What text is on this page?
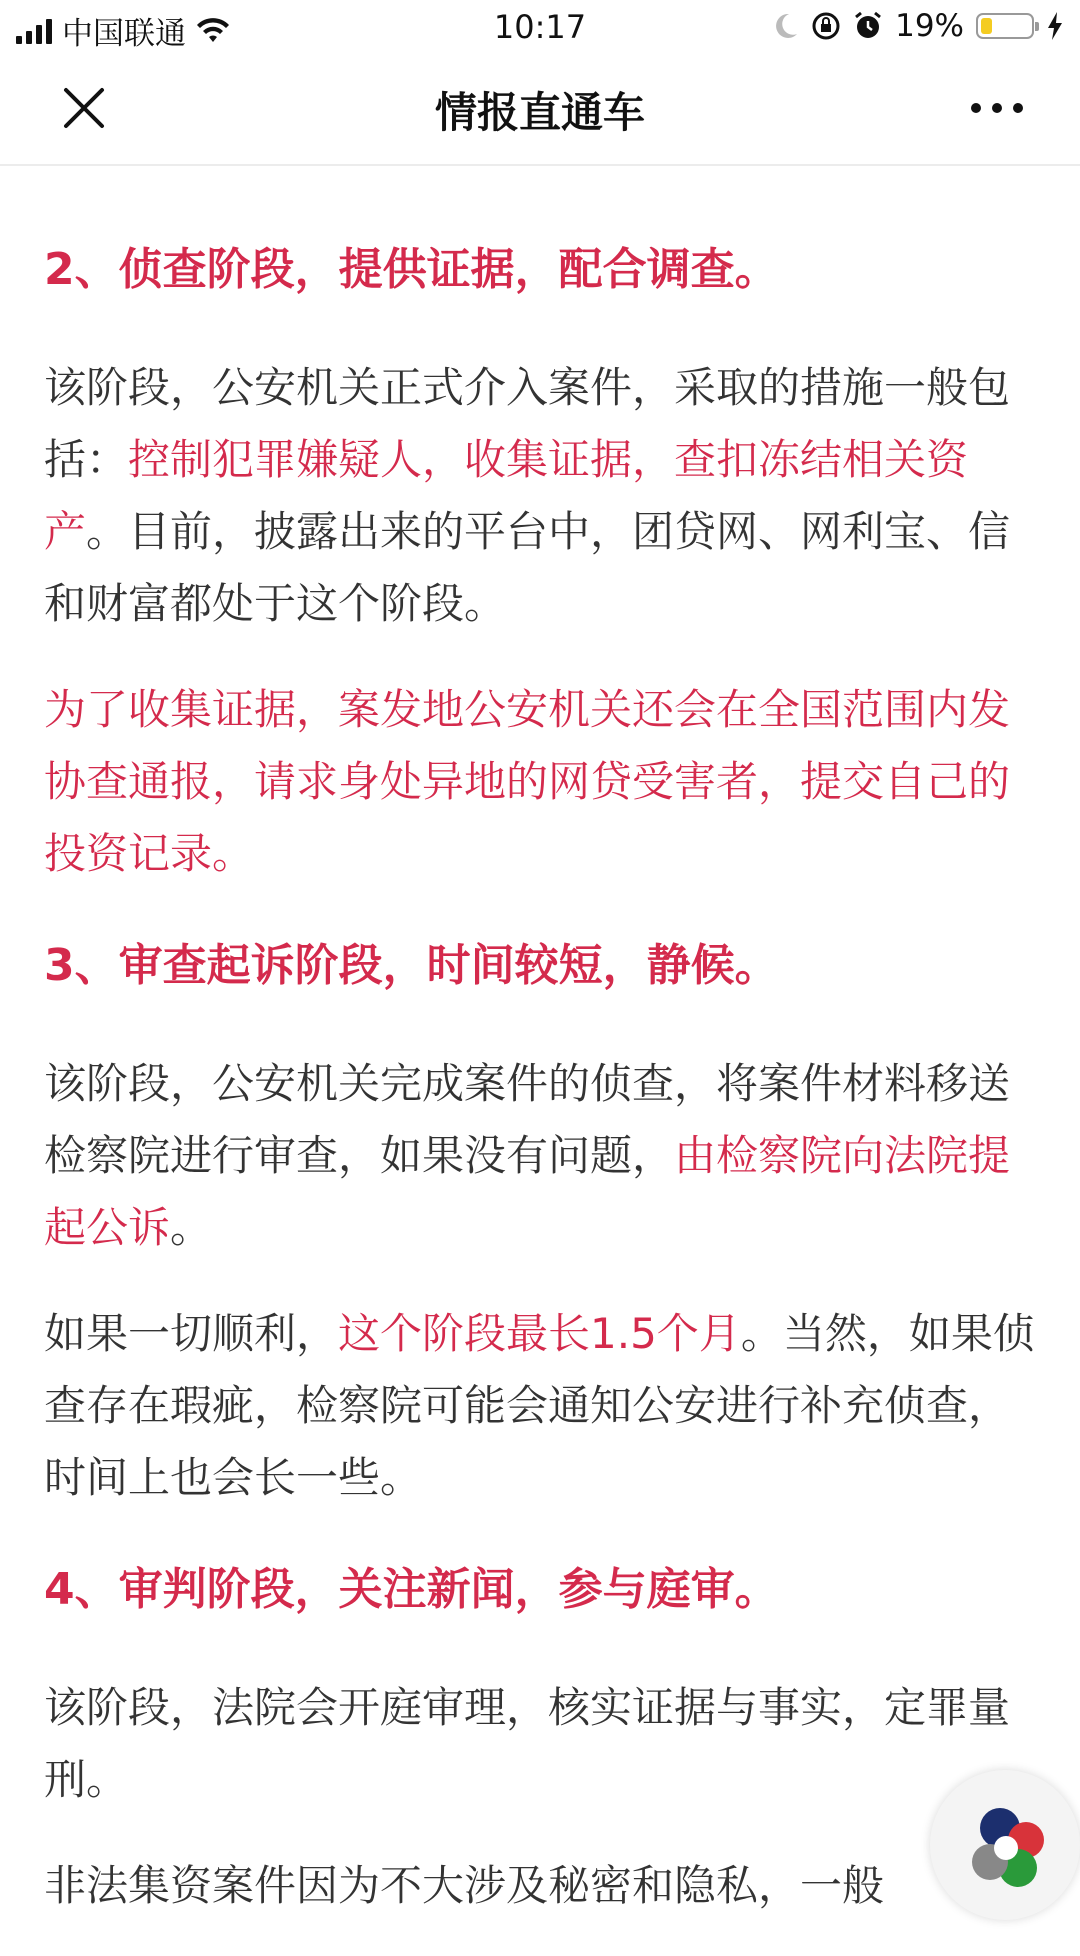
中国联通	10:17	19%
情报直通车
2、侦查阶段，提供证据，配合调查。
该阶段，公安机关正式介入案件，采取的措施一般包括：控制犯罪嫌疑人，收集证据，查扣冻结相关资产。目前，披露出来的平台中，团贷网、网利宝、信和财富都处于这个阶段。
为了收集证据，案发地公安机关还会在全国范围内发协查通报，请求身处异地的网贷受害者，提交自己的投资记录。
3、审查起诉阶段，时间较短，静候。
该阶段，公安机关完成案件的侦查，将案件材料移送检察院进行审查，如果没有问题，由检察院向法院提起公诉。
如果一切顺利，这个阶段最长1.5个月。当然，如果侦查存在瑕疵，检察院可能会通知公安进行补充侦查，时间上也会长一些。
4、审判阶段，关注新闻，参与庭审。
该阶段，法院会开庭审理，核实证据与事实，定罪量刑。
非法集资案件因为不大涉及秘密和隐私，一般
